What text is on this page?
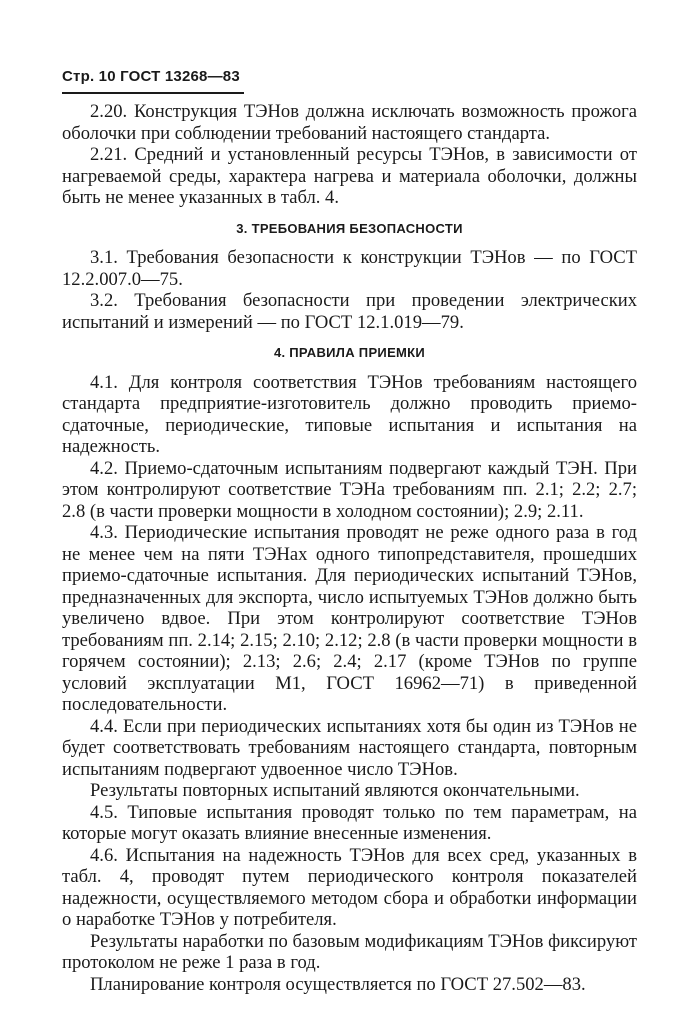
Стр. 10 ГОСТ 13268—83

2.20. Конструкция ТЭНов должна исключать возможность прожога оболочки при соблюдении требований настоящего стандарта.

2.21. Средний и установленный ресурсы ТЭНов, в зависимости от нагреваемой среды, характера нагрева и материала оболочки, должны быть не менее указанных в табл. 4.

3. ТРЕБОВАНИЯ БЕЗОПАСНОСТИ

3.1. Требования безопасности к конструкции ТЭНов — по ГОСТ 12.2.007.0—75.

3.2. Требования безопасности при проведении электрических испытаний и измерений — по ГОСТ 12.1.019—79.

4. ПРАВИЛА ПРИЕМКИ

4.1. Для контроля соответствия ТЭНов требованиям настоящего стандарта предприятие-изготовитель должно проводить приемо-сдаточные, периодические, типовые испытания и испытания на надежность.

4.2. Приемо-сдаточным испытаниям подвергают каждый ТЭН. При этом контролируют соответствие ТЭНа требованиям пп. 2.1; 2.2; 2.7; 2.8 (в части проверки мощности в холодном состоянии); 2.9; 2.11.

4.3. Периодические испытания проводят не реже одного раза в год не менее чем на пяти ТЭНах одного типопредставителя, прошедших приемо-сдаточные испытания. Для периодических испытаний ТЭНов, предназначенных для экспорта, число испытуемых ТЭНов должно быть увеличено вдвое. При этом контролируют соответствие ТЭНов требованиям пп. 2.14; 2.15; 2.10; 2.12; 2.8 (в части проверки мощности в горячем состоянии); 2.13; 2.6; 2.4; 2.17 (кроме ТЭНов по группе условий эксплуатации М1, ГОСТ 16962—71) в приведенной последовательности.

4.4. Если при периодических испытаниях хотя бы один из ТЭНов не будет соответствовать требованиям настоящего стандарта, повторным испытаниям подвергают удвоенное число ТЭНов.

Результаты повторных испытаний являются окончательными.

4.5. Типовые испытания проводят только по тем параметрам, на которые могут оказать влияние внесенные изменения.

4.6. Испытания на надежность ТЭНов для всех сред, указанных в табл. 4, проводят путем периодического контроля показателей надежности, осуществляемого методом сбора и обработки информации о наработке ТЭНов у потребителя.

Результаты наработки по базовым модификациям ТЭНов фиксируют протоколом не реже 1 раза в год.

Планирование контроля осуществляется по ГОСТ 27.502—83.
